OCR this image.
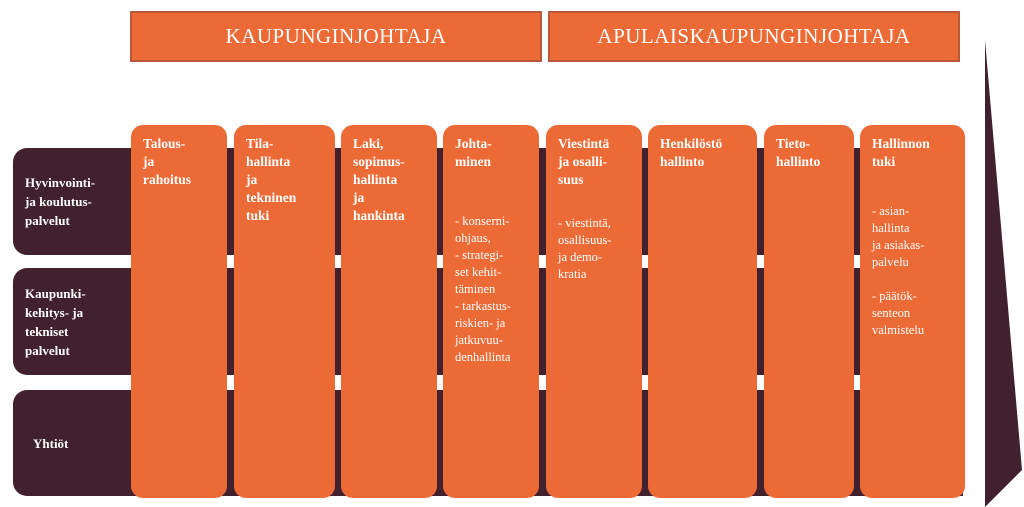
KAUPUNGINJOHTAJA	APULAISKAUPUNGINJOHTAJA
Hyvinvointi-
ja koulutus-
palvelut
Kaupunki-
kehitys- ja
tekniset
palvelut
Yhtiöt
Talous-
ja
rahoitus
Tila-
hallinta
ja
tekninen
tuki
Laki,
sopimus-
hallinta
ja
hankinta
Johta-
minen
- konserni-
ohjaus,
- strategi-
set kehit-
täminen
- tarkastus-
riskien- ja
jatkuvuu-
denhallinta
Viestintä
ja osalli-
suus
- viestintä,
osallisuus-
ja demo-
kratia
Henkilöstö
hallinto
Tieto-
hallinto
Hallinnon
tuki
- asian-
hallinta
ja asiakas-
palvelu
- päätök-
senteon
valmistelu
